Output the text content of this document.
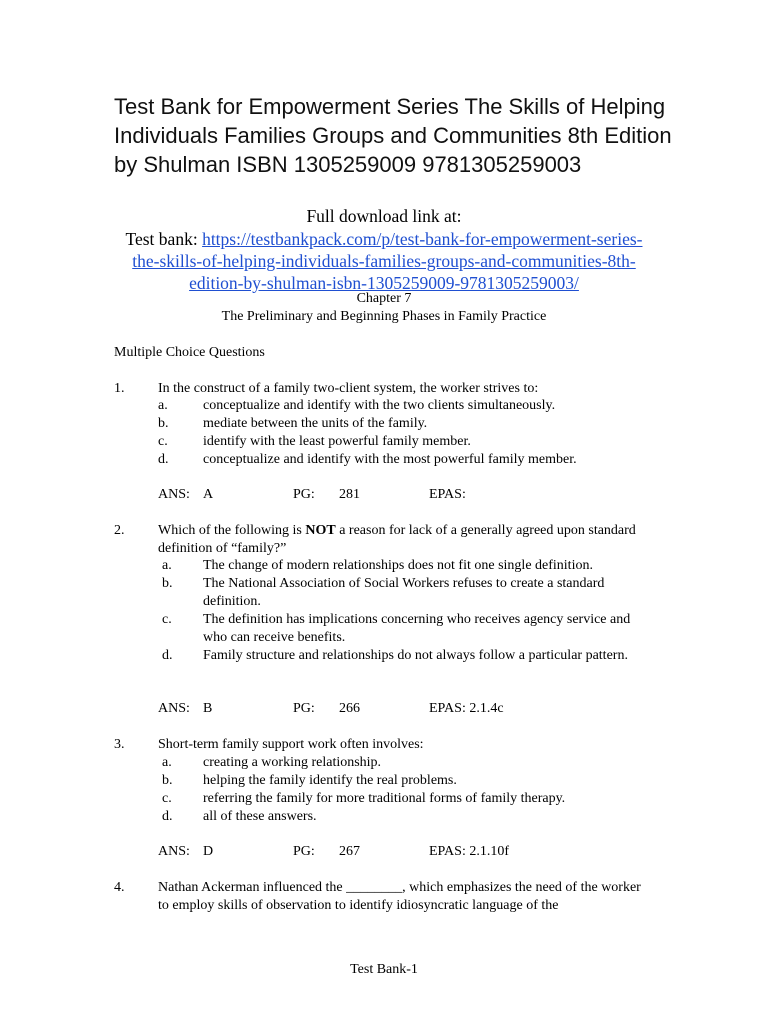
Test Bank for Empowerment Series The Skills of Helping Individuals Families Groups and Communities 8th Edition by Shulman ISBN 1305259009 9781305259003
Full download link at:
Test bank: https://testbankpack.com/p/test-bank-for-empowerment-series-
the-skills-of-helping-individuals-families-groups-and-communities-8th-
edition-by-shulman-isbn-1305259009-9781305259003/
Chapter 7
The Preliminary and Beginning Phases in Family Practice
Multiple Choice Questions
1. In the construct of a family two-client system, the worker strives to:
a.	conceptualize and identify with the two clients simultaneously.
b. mediate between the units of the family.
c.	identify with the least powerful family member.
d. conceptualize and identify with the most powerful family member.
ANS: A	PG: 281	EPAS:
2. Which of the following is NOT a reason for lack of a generally agreed upon standard definition of “family?”
a. The change of modern relationships does not fit one single definition.
b. The National Association of Social Workers refuses to create a standard definition.
c. The definition has implications concerning who receives agency service and who can receive benefits.
d. Family structure and relationships do not always follow a particular pattern.
ANS: B	PG: 266	EPAS: 2.1.4c
3. Short-term family support work often involves:
a. creating a working relationship.
b. helping the family identify the real problems.
c. referring the family for more traditional forms of family therapy.
d. all of these answers.
ANS: D	PG: 267	EPAS: 2.1.10f
4. Nathan Ackerman influenced the ________, which emphasizes the need of the worker to employ skills of observation to identify idiosyncratic language of the
Test Bank-1
